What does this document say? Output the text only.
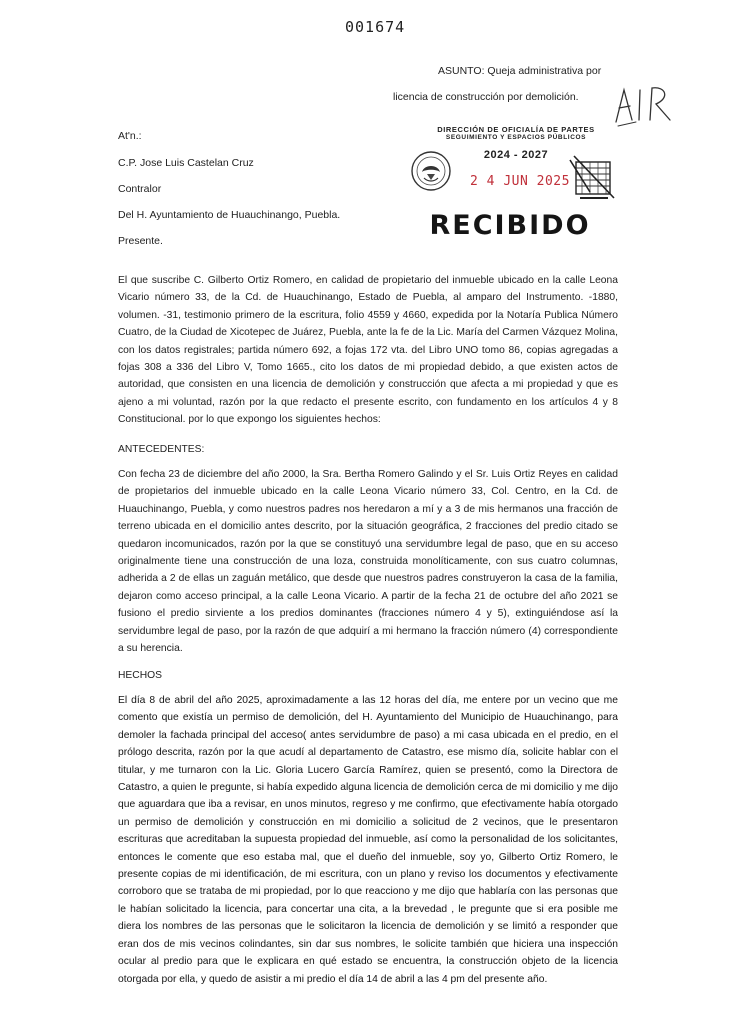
001674
ASUNTO: Queja administrativa por
licencia de construcción por demolición.
At'n.:
C.P. Jose Luis Castelan Cruz
Contralor
Del H. Ayuntamiento de Huauchinango, Puebla.
Presente.
DIRECCIÓN DE OFICIALÍA DE PARTES
SEGUIMIENTO Y ESPACIOS PÚBLICOS
2024 - 2027
2 4 JUN 2025
RECIBIDO
El que suscribe C. Gilberto Ortiz Romero, en calidad de propietario del inmueble ubicado en la calle Leona Vicario número 33, de la Cd. de Huauchinango, Estado de Puebla, al amparo del Instrumento. -1880, volumen. -31, testimonio primero de la escritura, folio 4559 y 4660, expedida por la Notaría Publica Número Cuatro, de la Ciudad de Xicotepec de Juárez, Puebla, ante la fe de la Lic. María del Carmen Vázquez Molina, con los datos registrales; partida número 692, a fojas 172 vta. del Libro UNO tomo 86, copias agregadas a fojas 308 a 336 del Libro V, Tomo 1665., cito los datos de mi propiedad debido, a que existen actos de autoridad, que consisten en una licencia de demolición y construcción que afecta a mi propiedad y que es ajeno a mi voluntad, razón por la que redacto el presente escrito, con fundamento en los artículos 4 y 8 Constitucional. por lo que expongo los siguientes hechos:
ANTECEDENTES:
Con fecha 23 de diciembre del año 2000, la Sra. Bertha Romero Galindo y el Sr. Luis Ortiz Reyes en calidad de propietarios del inmueble ubicado en la calle Leona Vicario número 33, Col. Centro, en la Cd. de Huauchinango, Puebla, y como nuestros padres nos heredaron a mí y a 3 de mis hermanos una fracción de terreno ubicada en el domicilio antes descrito, por la situación geográfica, 2 fracciones del predio citado se quedaron incomunicados, razón por la que se constituyó una servidumbre legal de paso, que en su acceso originalmente tiene una construcción de una loza, construida monolíticamente, con sus cuatro columnas, adherida a 2 de ellas un zaguán metálico, que desde que nuestros padres construyeron la casa de la familia, dejaron como acceso principal, a la calle Leona Vicario. A partir de la fecha 21 de octubre del año 2021 se fusiono el predio sirviente a los predios dominantes (fracciones número 4 y 5), extinguiéndose así la servidumbre legal de paso, por la razón de que adquirí a mi hermano la fracción número (4) correspondiente a su herencia.
HECHOS
El día 8 de abril del año 2025, aproximadamente a las 12 horas del día, me entere por un vecino que me comento que existía un permiso de demolición, del H. Ayuntamiento del Municipio de Huauchinango, para demoler la fachada principal del acceso( antes servidumbre de paso) a mi casa ubicada en el predio, en el prólogo descrita, razón por la que acudí al departamento de Catastro, ese mismo día, solicite hablar con el titular, y me turnaron con la Lic. Gloria Lucero García Ramírez, quien se presentó, como la Directora de Catastro, a quien le pregunte, si había expedido alguna licencia de demolición cerca de mi domicilio y me dijo que aguardara que iba a revisar, en unos minutos, regreso y me confirmo, que efectivamente había otorgado un permiso de demolición y construcción en mi domicilio a solicitud de 2 vecinos, que le presentaron escrituras que acreditaban la supuesta propiedad del inmueble, así como la personalidad de los solicitantes, entonces le comente que eso estaba mal, que el dueño del inmueble, soy yo, Gilberto Ortiz Romero, le presente copias de mi identificación, de mi escritura, con un plano y reviso los documentos y efectivamente corroboro que se trataba de mi propiedad, por lo que reacciono y me dijo que hablaría con las personas que le habían solicitado la licencia, para concertar una cita, a la brevedad , le pregunte que si era posible me diera los nombres de las personas que le solicitaron la licencia de demolición y se limitó a responder que eran dos de mis vecinos colindantes, sin dar sus nombres, le solicite también que hiciera una inspección ocular al predio para que le explicara en qué estado se encuentra, la construcción objeto de la licencia otorgada por ella, y quedo de asistir a mi predio el día 14 de abril a las 4 pm del presente año.
